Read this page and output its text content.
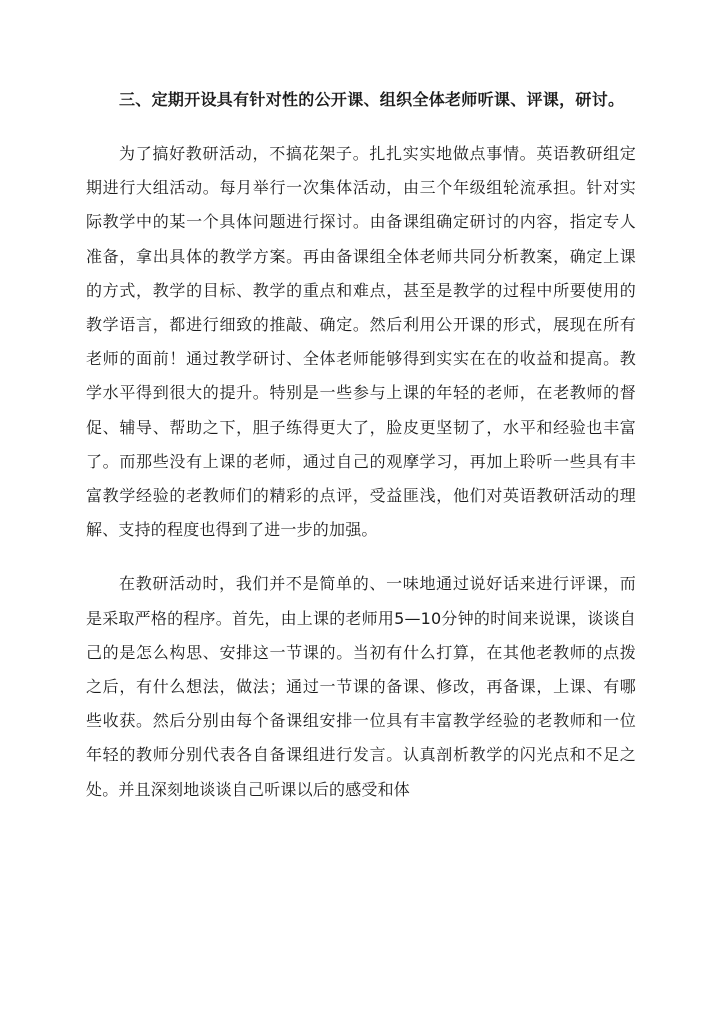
三、定期开设具有针对性的公开课、组织全体老师听课、评课，研讨。

为了搞好教研活动，不搞花架子。扎扎实实地做点事情。英语教研组定期进行大组活动。每月举行一次集体活动，由三个年级组轮流承担。针对实际教学中的某一个具体问题进行探讨。由备课组确定研讨的内容，指定专人准备，拿出具体的教学方案。再由备课组全体老师共同分析教案，确定上课的方式，教学的目标、教学的重点和难点，甚至是教学的过程中所要使用的教学语言，都进行细致的推敲、确定。然后利用公开课的形式，展现在所有老师的面前！通过教学研讨、全体老师能够得到实实在在的收益和提高。教学水平得到很大的提升。特别是一些参与上课的年轻的老师，在老教师的督促、辅导、帮助之下，胆子练得更大了，脸皮更坚韧了，水平和经验也丰富了。而那些没有上课的老师，通过自己的观摩学习，再加上聆听一些具有丰富教学经验的老教师们的精彩的点评，受益匪浅，他们对英语教研活动的理解、支持的程度也得到了进一步的加强。

在教研活动时，我们并不是简单的、一味地通过说好话来进行评课，而是采取严格的程序。首先，由上课的老师用5—10分钟的时间来说课，谈谈自己的是怎么构思、安排这一节课的。当初有什么打算，在其他老教师的点拨之后，有什么想法，做法；通过一节课的备课、修改，再备课，上课、有哪些收获。然后分别由每个备课组安排一位具有丰富教学经验的老教师和一位年轻的教师分别代表各自备课组进行发言。认真剖析教学的闪光点和不足之处。并且深刻地谈谈自己听课以后的感受和体
